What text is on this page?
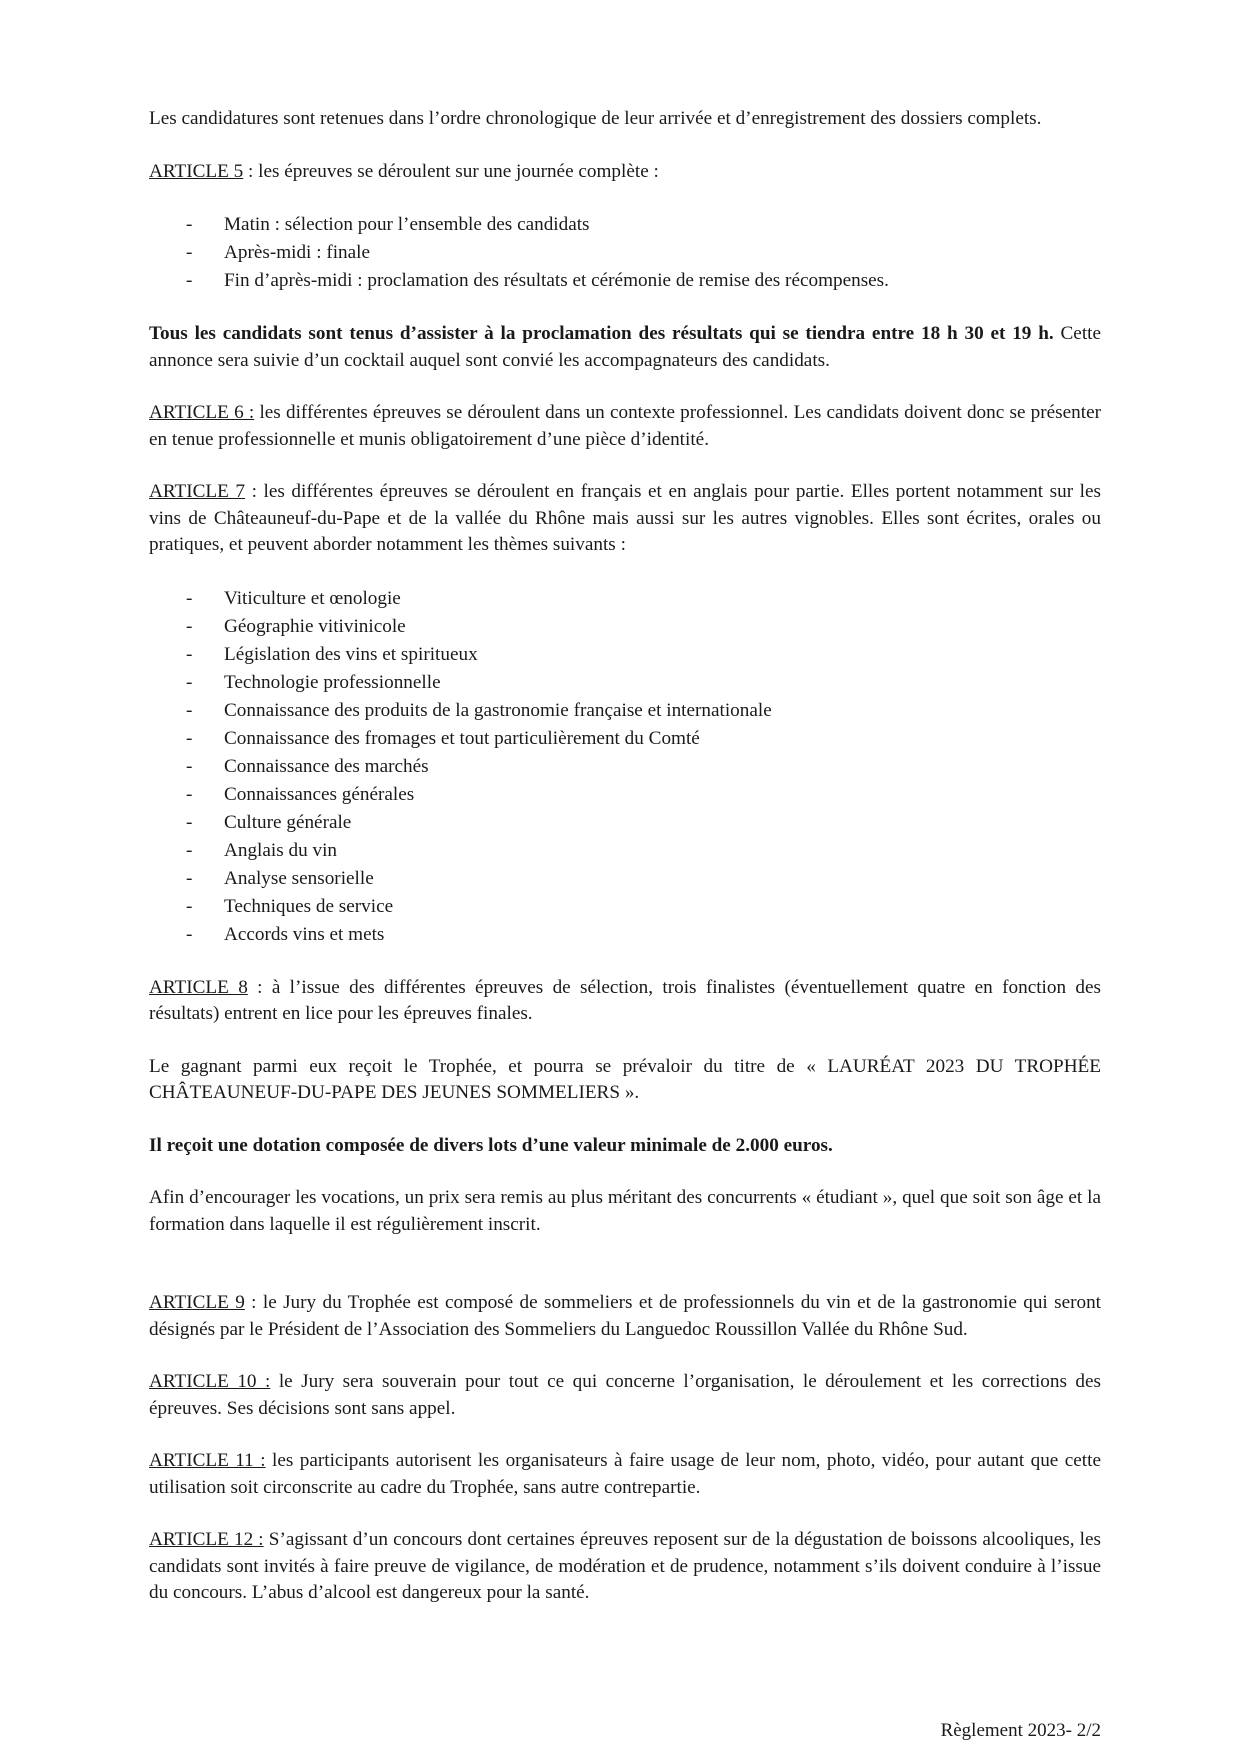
Les candidatures sont retenues dans l’ordre chronologique de leur arrivée et d’enregistrement des dossiers complets.

ARTICLE 5 : les épreuves se déroulent sur une journée complète :

- Matin : sélection pour l’ensemble des candidats
- Après-midi : finale
- Fin d’après-midi : proclamation des résultats et cérémonie de remise des récompenses.

Tous les candidats sont tenus d’assister à la proclamation des résultats qui se tiendra entre 18 h 30 et 19 h. Cette annonce sera suivie d’un cocktail auquel sont convié les accompagnateurs des candidats.

ARTICLE 6 : les différentes épreuves se déroulent dans un contexte professionnel. Les candidats doivent donc se présenter en tenue professionnelle et munis obligatoirement d’une pièce d’identité.

ARTICLE 7 : les différentes épreuves se déroulent en français et en anglais pour partie. Elles portent notamment sur les vins de Châteauneuf-du-Pape et de la vallée du Rhône mais aussi sur les autres vignobles. Elles sont écrites, orales ou pratiques, et peuvent aborder notamment les thèmes suivants :

- Viticulture et œnologie
- Géographie vitivinicole
- Législation des vins et spiritueux
- Technologie professionnelle
- Connaissance des produits de la gastronomie française et internationale
- Connaissance des fromages et tout particulièrement du Comté
- Connaissance des marchés
- Connaissances générales
- Culture générale
- Anglais du vin
- Analyse sensorielle
- Techniques de service
- Accords vins et mets

ARTICLE 8 : à l’issue des différentes épreuves de sélection, trois finalistes (éventuellement quatre en fonction des résultats) entrent en lice pour les épreuves finales.

Le gagnant parmi eux reçoit le Trophée, et pourra se prévaloir du titre de « LAURÉAT 2023 DU TROPHÉE CHÂTEAUNEUF-DU-PAPE DES JEUNES SOMMELIERS ».

Il reçoit une dotation composée de divers lots d’une valeur minimale de 2.000 euros.

Afin d’encourager les vocations, un prix sera remis au plus méritant des concurrents « étudiant », quel que soit son âge et la formation dans laquelle il est régulièrement inscrit.

ARTICLE 9 : le Jury du Trophée est composé de sommeliers et de professionnels du vin et de la gastronomie qui seront désignés par le Président de l’Association des Sommeliers du Languedoc Roussillon Vallée du Rhône Sud.

ARTICLE 10 : le Jury sera souverain pour tout ce qui concerne l’organisation, le déroulement et les corrections des épreuves. Ses décisions sont sans appel.

ARTICLE 11 : les participants autorisent les organisateurs à faire usage de leur nom, photo, vidéo, pour autant que cette utilisation soit circonscrite au cadre du Trophée, sans autre contrepartie.

ARTICLE 12 : S’agissant d’un concours dont certaines épreuves reposent sur de la dégustation de boissons alcooliques, les candidats sont invités à faire preuve de vigilance, de modération et de prudence, notamment s’ils doivent conduire à l’issue du concours. L’abus d’alcool est dangereux pour la santé.

Règlement 2023- 2/2
